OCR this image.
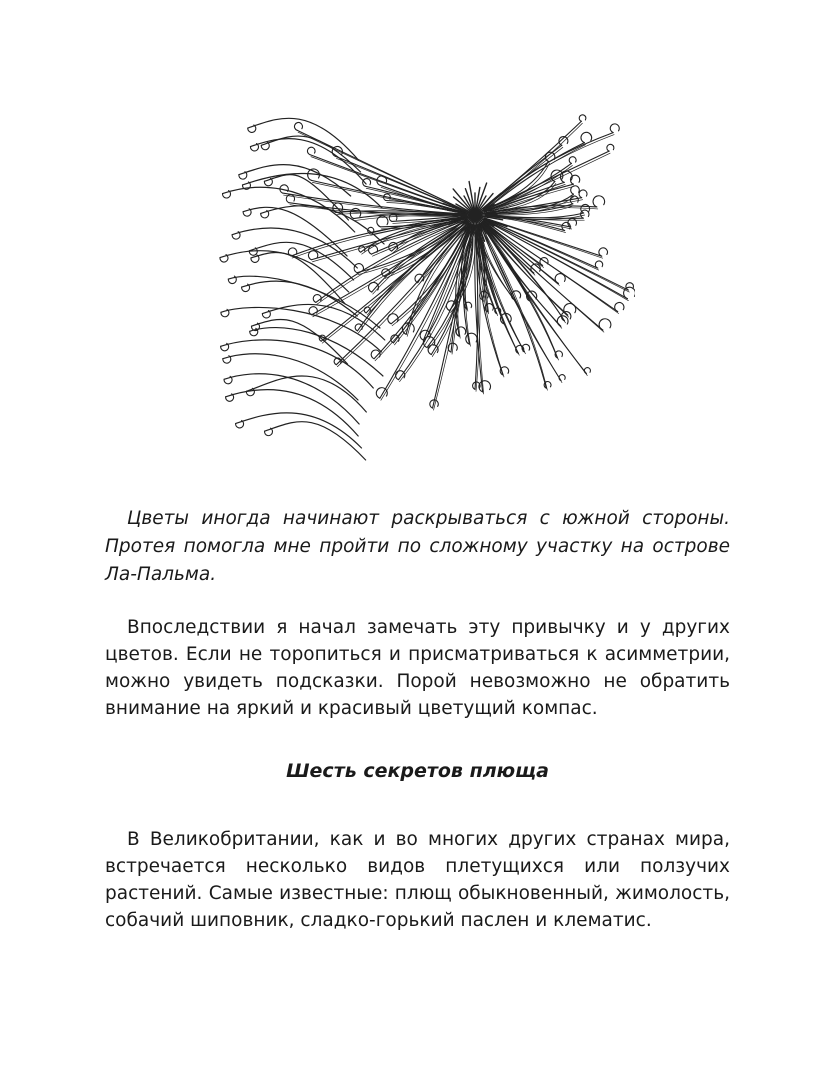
Цветы иногда начинают раскрываться с южной стороны. Протея помогла мне пройти по сложному участку на острове Ла-Пальма.

Впоследствии я начал замечать эту привычку и у других цветов. Если не торопиться и присматриваться к асимметрии, можно увидеть подсказки. Порой невозможно не обратить внимание на яркий и красивый цветущий компас.

Шесть секретов плюща

В Великобритании, как и во многих других странах мира, встречается несколько видов плетущихся или ползучих растений. Самые известные: плющ обыкновенный, жимолость, собачий шиповник, сладко-горький паслен и клематис.
